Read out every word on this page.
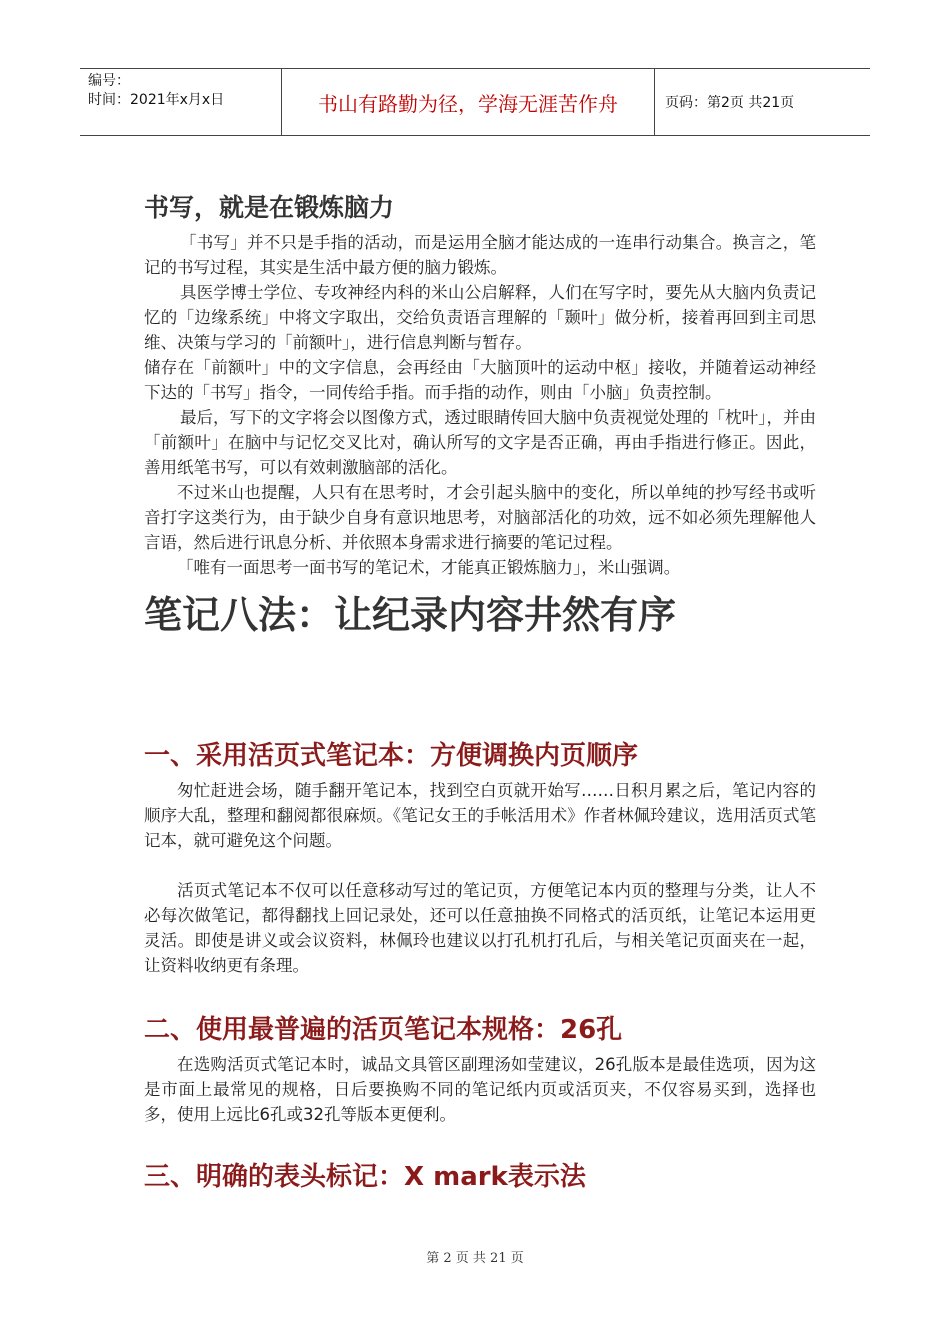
编号：
时间：2021年x月x日	书山有路勤为径，学海无涯苦作舟	页码：第2页 共21页
书写，就是在锻炼脑力

「书写」并不只是手指的活动，而是运用全脑才能达成的一连串行动集合。换言之，笔记的书写过程，其实是生活中最方便的脑力锻炼。

具医学博士学位、专攻神经内科的米山公启解释，人们在写字时，要先从大脑内负责记忆的「边缘系统」中将文字取出，交给负责语言理解的「颞叶」做分析，接着再回到主司思维、决策与学习的「前额叶」，进行信息判断与暂存。

储存在「前额叶」中的文字信息，会再经由「大脑顶叶的运动中枢」接收，并随着运动神经下达的「书写」指令，一同传给手指。而手指的动作，则由「小脑」负责控制。

最后，写下的文字将会以图像方式，透过眼睛传回大脑中负责视觉处理的「枕叶」，并由「前额叶」在脑中与记忆交叉比对，确认所写的文字是否正确，再由手指进行修正。因此，善用纸笔书写，可以有效刺激脑部的活化。

不过米山也提醒，人只有在思考时，才会引起头脑中的变化，所以单纯的抄写经书或听音打字这类行为，由于缺少自身有意识地思考，对脑部活化的功效，远不如必须先理解他人言语，然后进行讯息分析、并依照本身需求进行摘要的笔记过程。

「唯有一面思考一面书写的笔记术，才能真正锻炼脑力」，米山强调。

笔记八法：让纪录内容井然有序
一、采用活页式笔记本：方便调换内页顺序

匆忙赶进会场，随手翻开笔记本，找到空白页就开始写……日积月累之后，笔记内容的顺序大乱，整理和翻阅都很麻烦。《笔记女王的手帐活用术》作者林佩玲建议，选用活页式笔记本，就可避免这个问题。

活页式笔记本不仅可以任意移动写过的笔记页，方便笔记本内页的整理与分类，让人不必每次做笔记，都得翻找上回记录处，还可以任意抽换不同格式的活页纸，让笔记本运用更灵活。即使是讲义或会议资料，林佩玲也建议以打孔机打孔后，与相关笔记页面夹在一起，让资料收纳更有条理。

二、使用最普遍的活页笔记本规格：26孔

在选购活页式笔记本时，诚品文具管区副理汤如莹建议，26孔版本是最佳选项，因为这是市面上最常见的规格，日后要换购不同的笔记纸内页或活页夹，不仅容易买到，选择也多，使用上远比6孔或32孔等版本更便利。

三、明确的表头标记：X mark表示法
第 2 页 共 21 页
